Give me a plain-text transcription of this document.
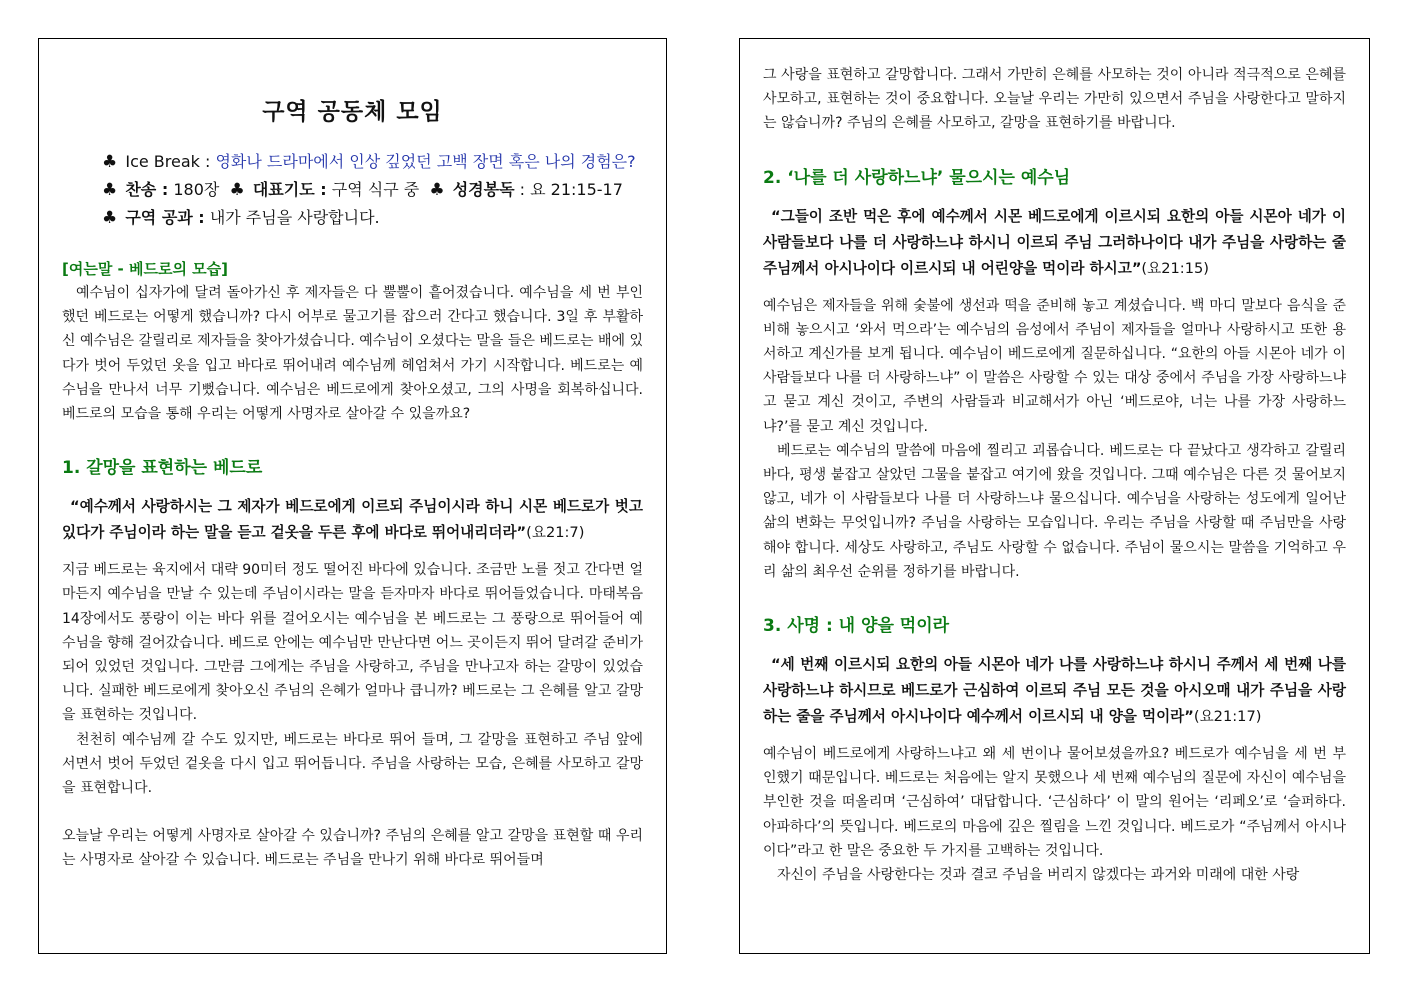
구역 공동체 모임
♣ Ice Break : 영화나 드라마에서 인상 깊었던 고백 장면 혹은 나의 경험은?
♣ 찬송 : 180장 ♣ 대표기도 : 구역 식구 중 ♣ 성경봉독 : 요 21:15-17
♣ 구역 공과 : 내가 주님을 사랑합니다.
[여는말 - 베드로의 모습]

예수님이 십자가에 달려 돌아가신 후 제자들은 다 뿔뿔이 흩어졌습니다. 예수님을 세 번 부인했던 베드로는 어떻게 했습니까? 다시 어부로 물고기를 잡으러 간다고 했습니다. 3일 후 부활하신 예수님은 갈릴리로 제자들을 찾아가셨습니다. 예수님이 오셨다는 말을 들은 베드로는 배에 있다가 벗어 두었던 옷을 입고 바다로 뛰어내려 예수님께 헤엄쳐서 가기 시작합니다. 베드로는 예수님을 만나서 너무 기뻤습니다. 예수님은 베드로에게 찾아오셨고, 그의 사명을 회복하십니다. 베드로의 모습을 통해 우리는 어떻게 사명자로 살아갈 수 있을까요?

1. 갈망을 표현하는 베드로

“예수께서 사랑하시는 그 제자가 베드로에게 이르되 주님이시라 하니 시몬 베드로가 벗고 있다가 주님이라 하는 말을 듣고 겉옷을 두른 후에 바다로 뛰어내리더라”(요21:7)

지금 베드로는 육지에서 대략 90미터 정도 떨어진 바다에 있습니다. 조금만 노를 젓고 간다면 얼마든지 예수님을 만날 수 있는데 주님이시라는 말을 듣자마자 바다로 뛰어들었습니다. 마태복음 14장에서도 풍랑이 이는 바다 위를 걸어오시는 예수님을 본 베드로는 그 풍랑으로 뛰어들어 예수님을 향해 걸어갔습니다. 베드로 안에는 예수님만 만난다면 어느 곳이든지 뛰어 달려갈 준비가 되어 있었던 것입니다. 그만큼 그에게는 주님을 사랑하고, 주님을 만나고자 하는 갈망이 있었습니다. 실패한 베드로에게 찾아오신 주님의 은혜가 얼마나 큽니까? 베드로는 그 은혜를 알고 갈망을 표현하는 것입니다.

천천히 예수님께 갈 수도 있지만, 베드로는 바다로 뛰어 들며, 그 갈망을 표현하고 주님 앞에 서면서 벗어 두었던 겉옷을 다시 입고 뛰어듭니다. 주님을 사랑하는 모습, 은혜를 사모하고 갈망을 표현합니다.

오늘날 우리는 어떻게 사명자로 살아갈 수 있습니까? 주님의 은혜를 알고 갈망을 표현할 때 우리는 사명자로 살아갈 수 있습니다. 베드로는 주님을 만나기 위해 바다로 뛰어들며

그 사랑을 표현하고 갈망합니다. 그래서 가만히 은혜를 사모하는 것이 아니라 적극적으로 은혜를 사모하고, 표현하는 것이 중요합니다. 오늘날 우리는 가만히 있으면서 주님을 사랑한다고 말하지는 않습니까? 주님의 은혜를 사모하고, 갈망을 표현하기를 바랍니다.

2. ‘나를 더 사랑하느냐’ 물으시는 예수님

“그들이 조반 먹은 후에 예수께서 시몬 베드로에게 이르시되 요한의 아들 시몬아 네가 이 사람들보다 나를 더 사랑하느냐 하시니 이르되 주님 그러하나이다 내가 주님을 사랑하는 줄 주님께서 아시나이다 이르시되 내 어린양을 먹이라 하시고”(요21:15)

예수님은 제자들을 위해 숯불에 생선과 떡을 준비해 놓고 계셨습니다. 백 마디 말보다 음식을 준비해 놓으시고 ‘와서 먹으라’는 예수님의 음성에서 주님이 제자들을 얼마나 사랑하시고 또한 용서하고 계신가를 보게 됩니다. 예수님이 베드로에게 질문하십니다. “요한의 아들 시몬아 네가 이 사람들보다 나를 더 사랑하느냐” 이 말씀은 사랑할 수 있는 대상 중에서 주님을 가장 사랑하느냐고 묻고 계신 것이고, 주변의 사람들과 비교해서가 아닌 ‘베드로야, 너는 나를 가장 사랑하느냐?’를 묻고 계신 것입니다.

베드로는 예수님의 말씀에 마음에 찔리고 괴롭습니다. 베드로는 다 끝났다고 생각하고 갈릴리 바다, 평생 붙잡고 살았던 그물을 붙잡고 여기에 왔을 것입니다. 그때 예수님은 다른 것 물어보지 않고, 네가 이 사람들보다 나를 더 사랑하느냐 물으십니다. 예수님을 사랑하는 성도에게 일어난 삶의 변화는 무엇입니까? 주님을 사랑하는 모습입니다. 우리는 주님을 사랑할 때 주님만을 사랑해야 합니다. 세상도 사랑하고, 주님도 사랑할 수 없습니다. 주님이 물으시는 말씀을 기억하고 우리 삶의 최우선 순위를 정하기를 바랍니다.

3. 사명 : 내 양을 먹이라

“세 번째 이르시되 요한의 아들 시몬아 네가 나를 사랑하느냐 하시니 주께서 세 번째 나를 사랑하느냐 하시므로 베드로가 근심하여 이르되 주님 모든 것을 아시오매 내가 주님을 사랑하는 줄을 주님께서 아시나이다 예수께서 이르시되 내 양을 먹이라”(요21:17)

예수님이 베드로에게 사랑하느냐고 왜 세 번이나 물어보셨을까요? 베드로가 예수님을 세 번 부인했기 때문입니다. 베드로는 처음에는 알지 못했으나 세 번째 예수님의 질문에 자신이 예수님을 부인한 것을 떠올리며 ‘근심하여’ 대답합니다. ‘근심하다’ 이 말의 원어는 ‘리페오’로 ‘슬퍼하다. 아파하다’의 뜻입니다. 베드로의 마음에 깊은 찔림을 느낀 것입니다. 베드로가 “주님께서 아시나이다”라고 한 말은 중요한 두 가지를 고백하는 것입니다.

자신이 주님을 사랑한다는 것과 결코 주님을 버리지 않겠다는 과거와 미래에 대한 사랑
